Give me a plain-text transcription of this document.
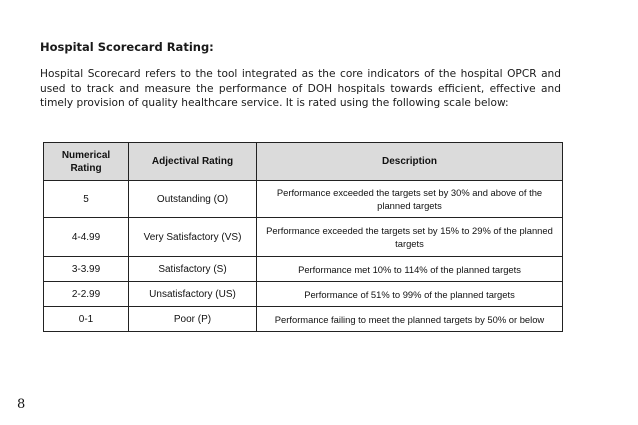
Hospital Scorecard Rating:

Hospital Scorecard refers to the tool integrated as the core indicators of the hospital OPCR and used to track and measure the performance of DOH hospitals towards efficient, effective and timely provision of quality healthcare service. It is rated using the following scale below:

Numerical Rating	Adjectival Rating	Description
5	Outstanding (O)	Performance exceeded the targets set by 30% and above of the planned targets
4-4.99	Very Satisfactory (VS)	Performance exceeded the targets set by 15% to 29% of the planned targets
3-3.99	Satisfactory (S)	Performance met 10% to 114% of the planned targets
2-2.99	Unsatisfactory (US)	Performance of 51% to 99% of the planned targets
0-1	Poor (P)	Performance failing to meet the planned targets by 50% or below
8
